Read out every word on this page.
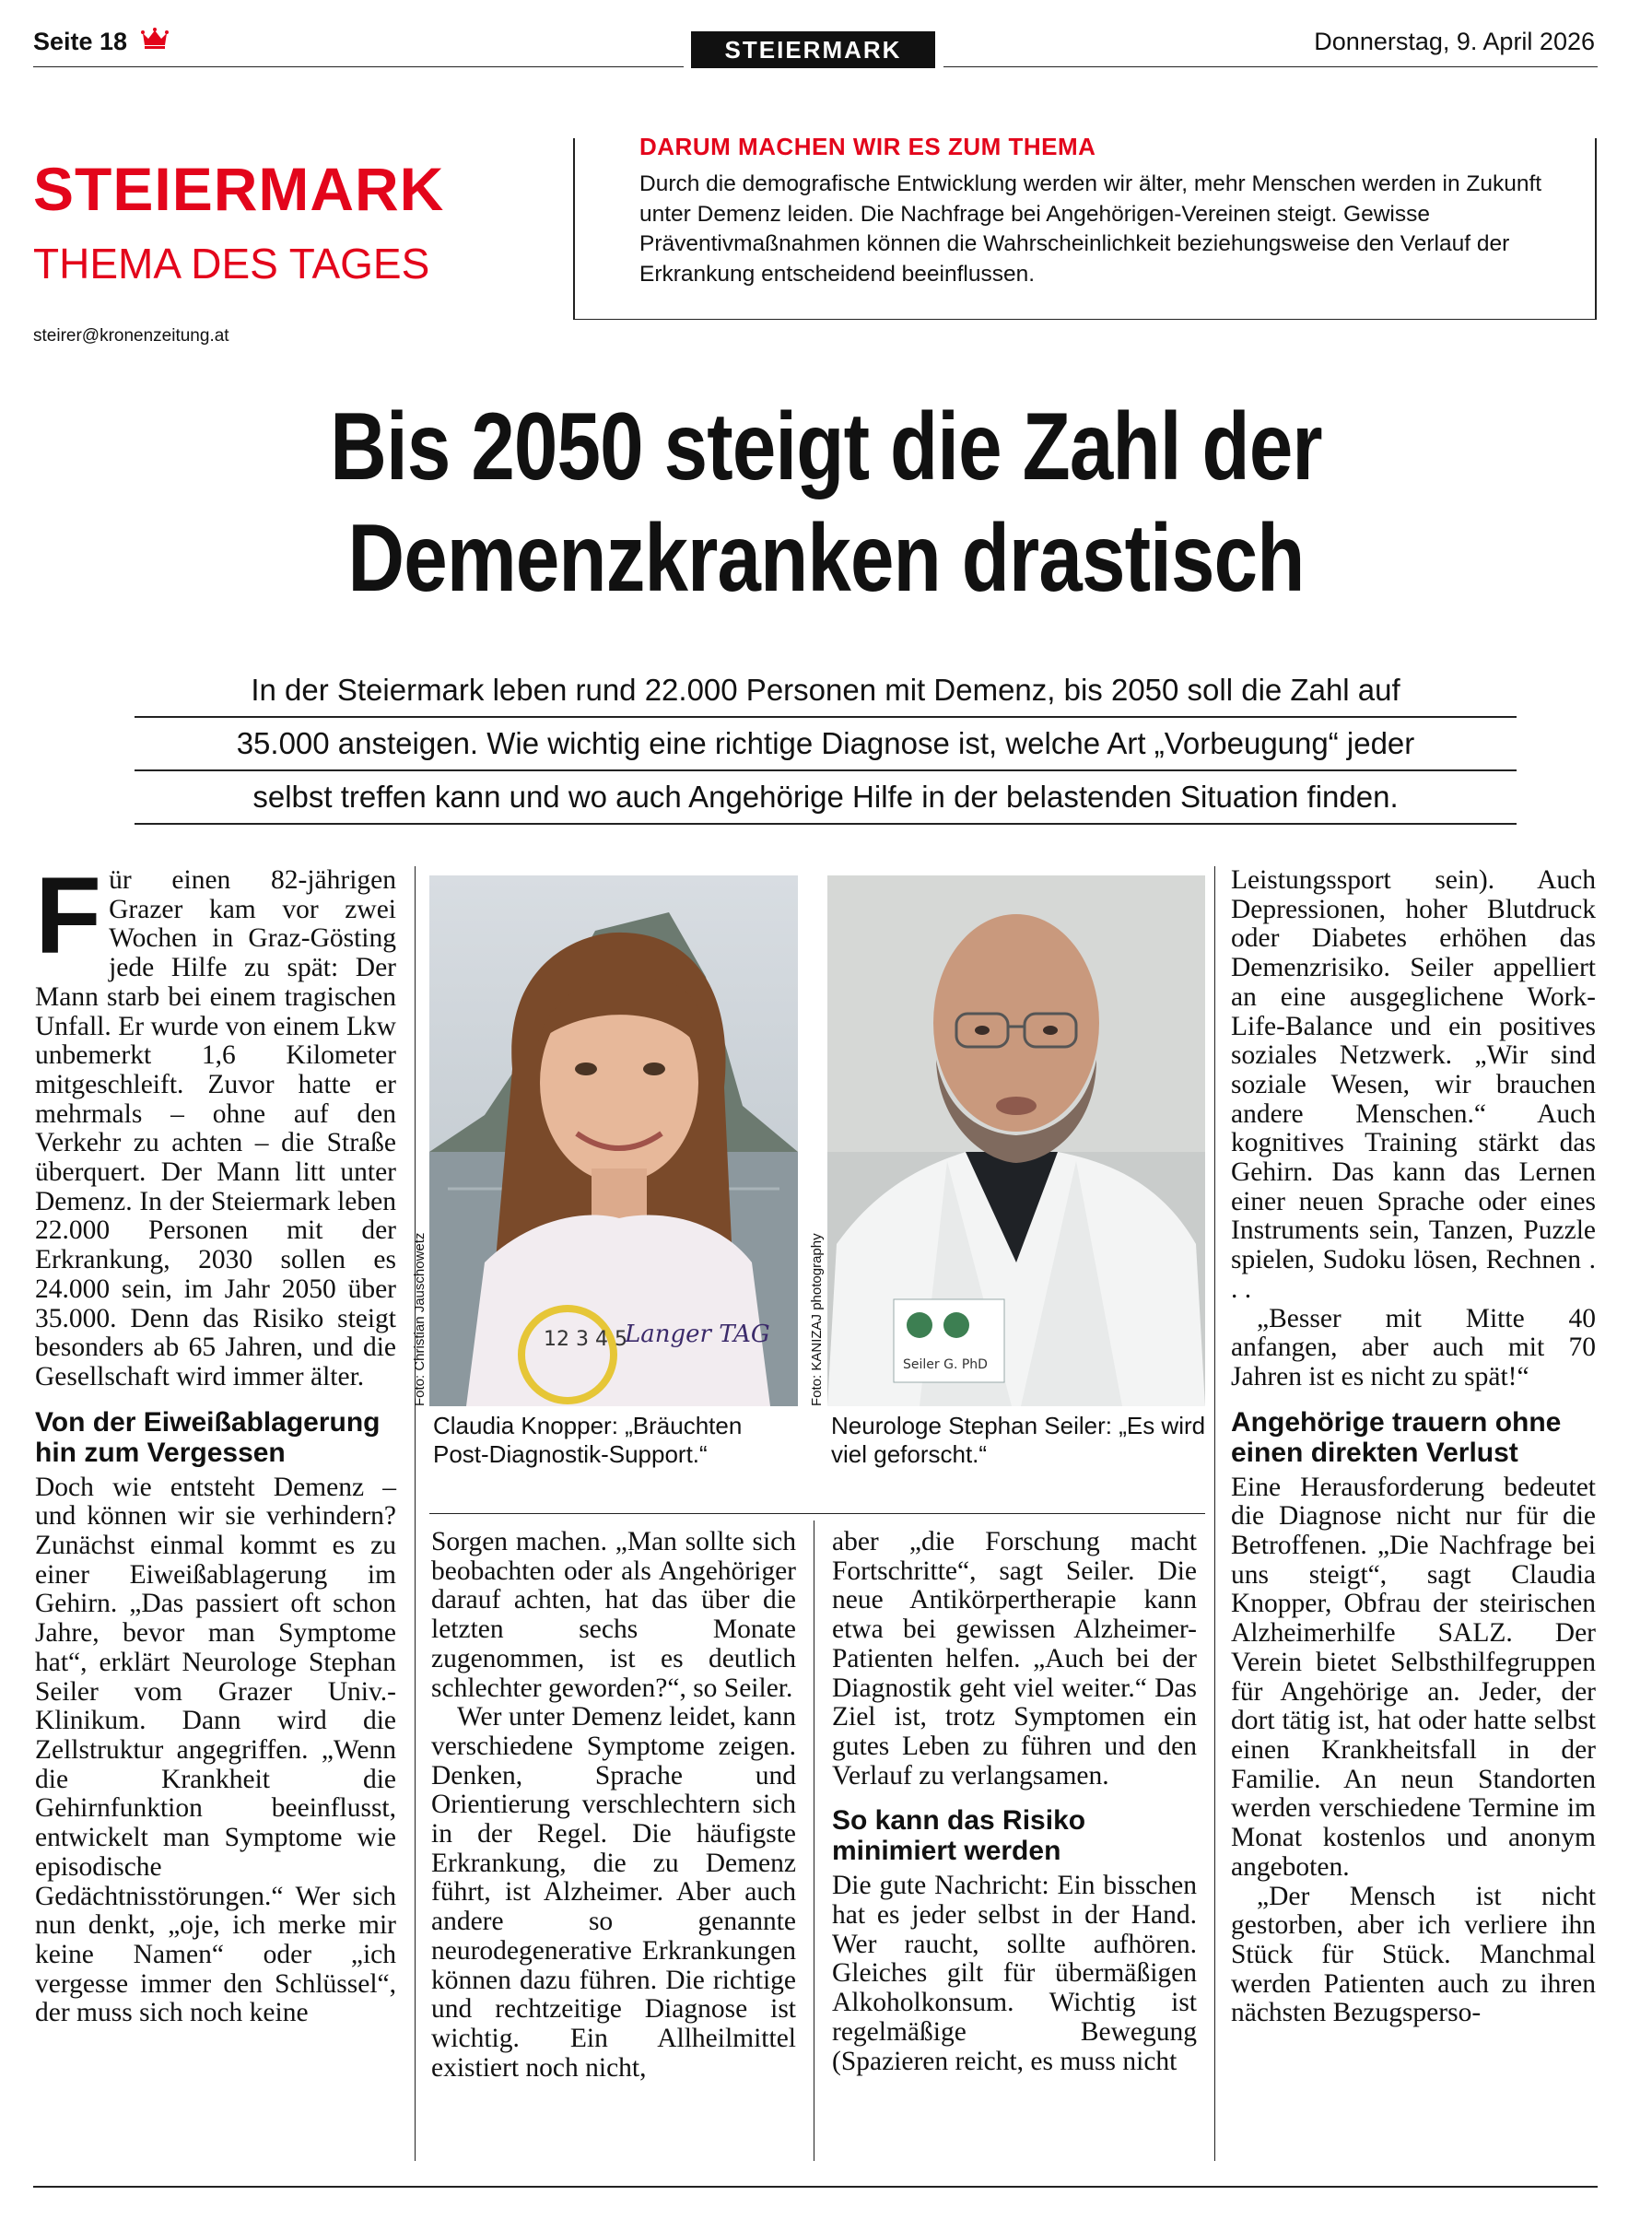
Seite 18	STEIERMARK	Donnerstag, 9. April 2026
STEIERMARK
THEMA DES TAGES
DARUM MACHEN WIR ES ZUM THEMA
Durch die demografische Entwicklung werden wir älter, mehr Menschen werden in Zukunft unter Demenz leiden. Die Nachfrage bei Angehörigen-Vereinen steigt. Gewisse Präventivmaßnahmen können die Wahrscheinlichkeit beziehungsweise den Verlauf der Erkrankung entscheidend beeinflussen.
steirer@kronenzeitung.at
Bis 2050 steigt die Zahl der
Demenzkranken drastisch
In der Steiermark leben rund 22.000 Personen mit Demenz, bis 2050 soll die Zahl auf
35.000 ansteigen. Wie wichtig eine richtige Diagnose ist, welche Art „Vorbeugung“ jeder
selbst treffen kann und wo auch Angehörige Hilfe in der belastenden Situation finden.
F ür einen 82-jährigen Grazer kam vor zwei Wochen in Graz-Gösting jede Hilfe zu spät: Der Mann starb bei einem tragischen Unfall. Er wurde von einem Lkw unbemerkt 1,6 Kilometer mitgeschleift. Zuvor hatte er mehrmals – ohne auf den Verkehr zu achten – die Straße überquert. Der Mann litt unter Demenz. In der Steiermark leben 22.000 Personen mit der Erkrankung, 2030 sollen es 24.000 sein, im Jahr 2050 über 35.000. Denn das Risiko steigt besonders ab 65 Jahren, und die Gesellschaft wird immer älter.

Von der Eiweißablagerung hin zum Vergessen

Doch wie entsteht Demenz – und können wir sie verhindern? Zunächst einmal kommt es zu einer Eiweißablagerung im Gehirn. „Das passiert oft schon Jahre, bevor man Symptome hat“, erklärt Neurologe Stephan Seiler vom Grazer Univ.-Klinikum. Dann wird die Zellstruktur angegriffen. „Wenn die Krankheit die Gehirnfunktion beeinflusst, entwickelt man Symptome wie episodische Gedächtnisstörungen.“ Wer sich nun denkt, „oje, ich merke mir keine Namen“ oder „ich vergesse immer den Schlüssel“, der muss sich noch keine

12 3 4 5
Langer TAG
Foto: Christian Jauschowetz
Claudia Knopper: „Bräuchten Post-Diagnostik-Support.“
Seiler G. PhD
Foto: KANIZAJ photography
Neurologe Stephan Seiler: „Es wird viel geforscht.“

Sorgen machen. „Man sollte sich beobachten oder als Angehöriger darauf achten, hat das über die letzten sechs Monate zugenommen, ist es deutlich schlechter geworden?“, so Seiler.

Wer unter Demenz leidet, kann verschiedene Symptome zeigen. Denken, Sprache und Orientierung verschlechtern sich in der Regel. Die häufigste Erkrankung, die zu Demenz führt, ist Alzheimer. Aber auch andere so genannte neurodegenerative Erkrankungen können dazu führen. Die richtige und rechtzeitige Diagnose ist wichtig. Ein Allheilmittel existiert noch nicht,

aber „die Forschung macht Fortschritte“, sagt Seiler. Die neue Antikörpertherapie kann etwa bei gewissen Alzheimer-Patienten helfen. „Auch bei der Diagnostik geht viel weiter.“ Das Ziel ist, trotz Symptomen ein gutes Leben zu führen und den Verlauf zu verlangsamen.

So kann das Risiko minimiert werden

Die gute Nachricht: Ein bisschen hat es jeder selbst in der Hand. Wer raucht, sollte aufhören. Gleiches gilt für übermäßigen Alkoholkonsum. Wichtig ist regelmäßige Bewegung (Spazieren reicht, es muss nicht

Leistungssport sein). Auch Depressionen, hoher Blutdruck oder Diabetes erhöhen das Demenzrisiko. Seiler appelliert an eine ausgeglichene Work-Life-Balance und ein positives soziales Netzwerk. „Wir sind soziale Wesen, wir brauchen andere Menschen.“ Auch kognitives Training stärkt das Gehirn. Das kann das Lernen einer neuen Sprache oder eines Instruments sein, Tanzen, Puzzle spielen, Sudoku lösen, Rechnen . . .

„Besser mit Mitte 40 anfangen, aber auch mit 70 Jahren ist es nicht zu spät!“

Angehörige trauern ohne einen direkten Verlust

Eine Herausforderung bedeutet die Diagnose nicht nur für die Betroffenen. „Die Nachfrage bei uns steigt“, sagt Claudia Knopper, Obfrau der steirischen Alzheimerhilfe SALZ. Der Verein bietet Selbsthilfegruppen für Angehörige an. Jeder, der dort tätig ist, hat oder hatte selbst einen Krankheitsfall in der Familie. An neun Standorten werden verschiedene Termine im Monat kostenlos und anonym angeboten.

„Der Mensch ist nicht gestorben, aber ich verliere ihn Stück für Stück. Manchmal werden Patienten auch zu ihren nächsten Bezugsperso-
